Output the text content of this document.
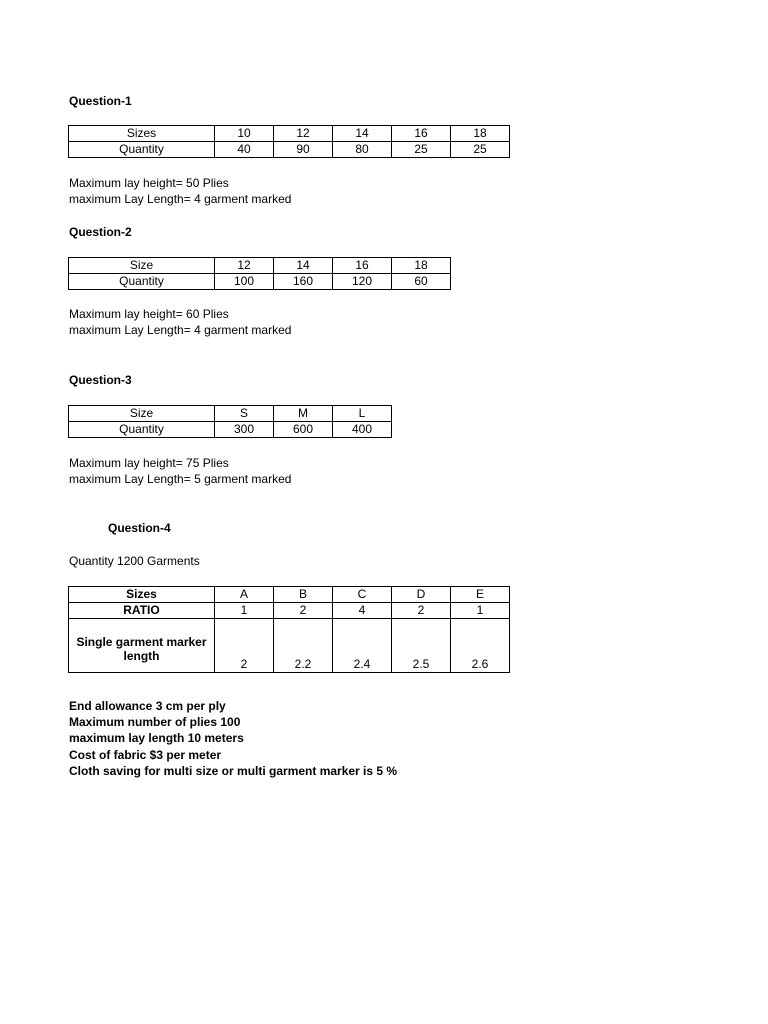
Question-1
Sizes	10	12	14	16	18
Quantity	40	90	80	25	25
Maximum lay height= 50 Plies
maximum Lay Length= 4 garment marked
Question-2
Size	12	14	16	18
Quantity	100	160	120	60
Maximum lay height= 60 Plies
maximum Lay Length= 4 garment marked
Question-3
Size	S	M	L
Quantity	300	600	400
Maximum lay height= 75 Plies
maximum Lay Length= 5 garment marked
Question-4
Quantity 1200 Garments
Sizes	A	B	C	D	E
RATIO	1	2	4	2	1
Single garment marker length	2	2.2	2.4	2.5	2.6
End allowance 3 cm per ply
Maximum number of plies 100
maximum lay length 10 meters
Cost of fabric $3 per meter
Cloth saving for multi size or multi garment marker is 5 %
